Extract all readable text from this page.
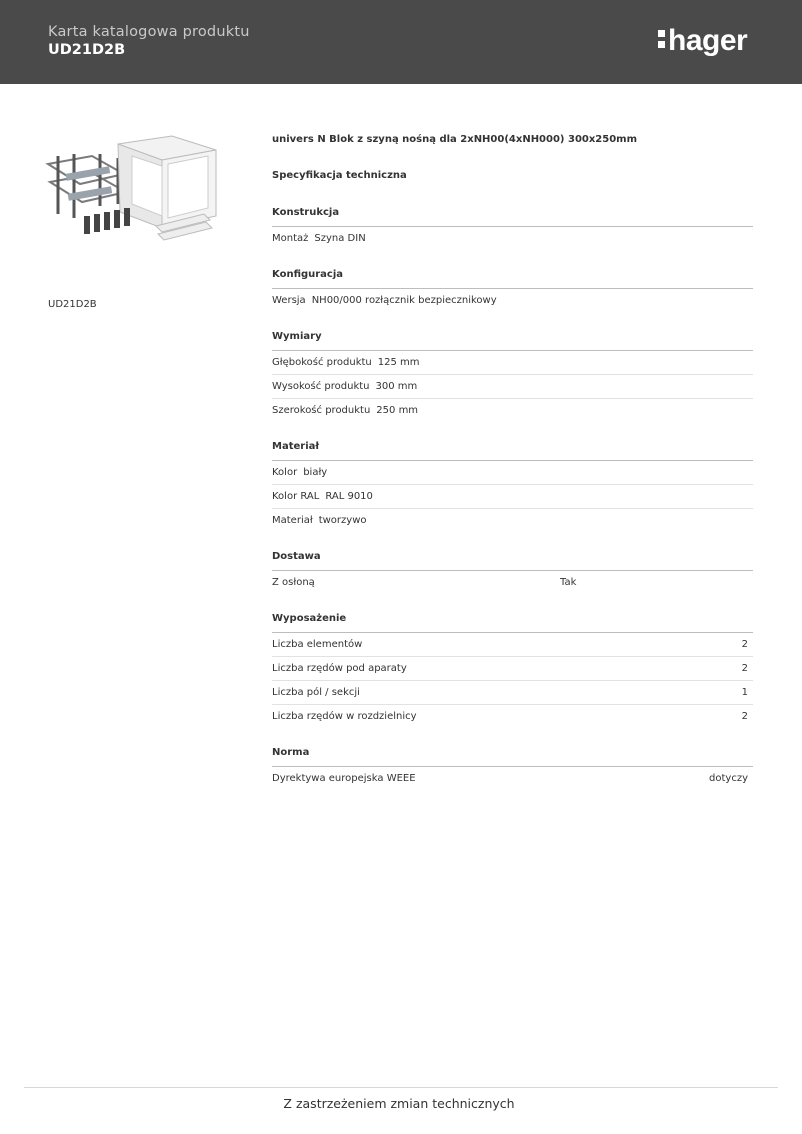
Karta katalogowa produktu
UD21D2B	hager
UD21D2B
univers N Blok z szyną nośną dla 2xNH00(4xNH000) 300x250mm
Specyfikacja techniczna
Konstrukcja
Montaż Szyna DIN
Konfiguracja
Wersja NH00/000 rozłącznik bezpiecznikowy
Wymiary
Głębokość produktu 125 mm
Wysokość produktu 300 mm
Szerokość produktu 250 mm
Materiał
Kolor biały
Kolor RAL RAL 9010
Materiał tworzywo
Dostawa
Z osłoną	Tak
Wyposażenie
Liczba elementów	2
Liczba rzędów pod aparaty	2
Liczba pól / sekcji	1
Liczba rzędów w rozdzielnicy	2
Norma
Dyrektywa europejska WEEE	dotyczy
Z zastrzeżeniem zmian technicznych
